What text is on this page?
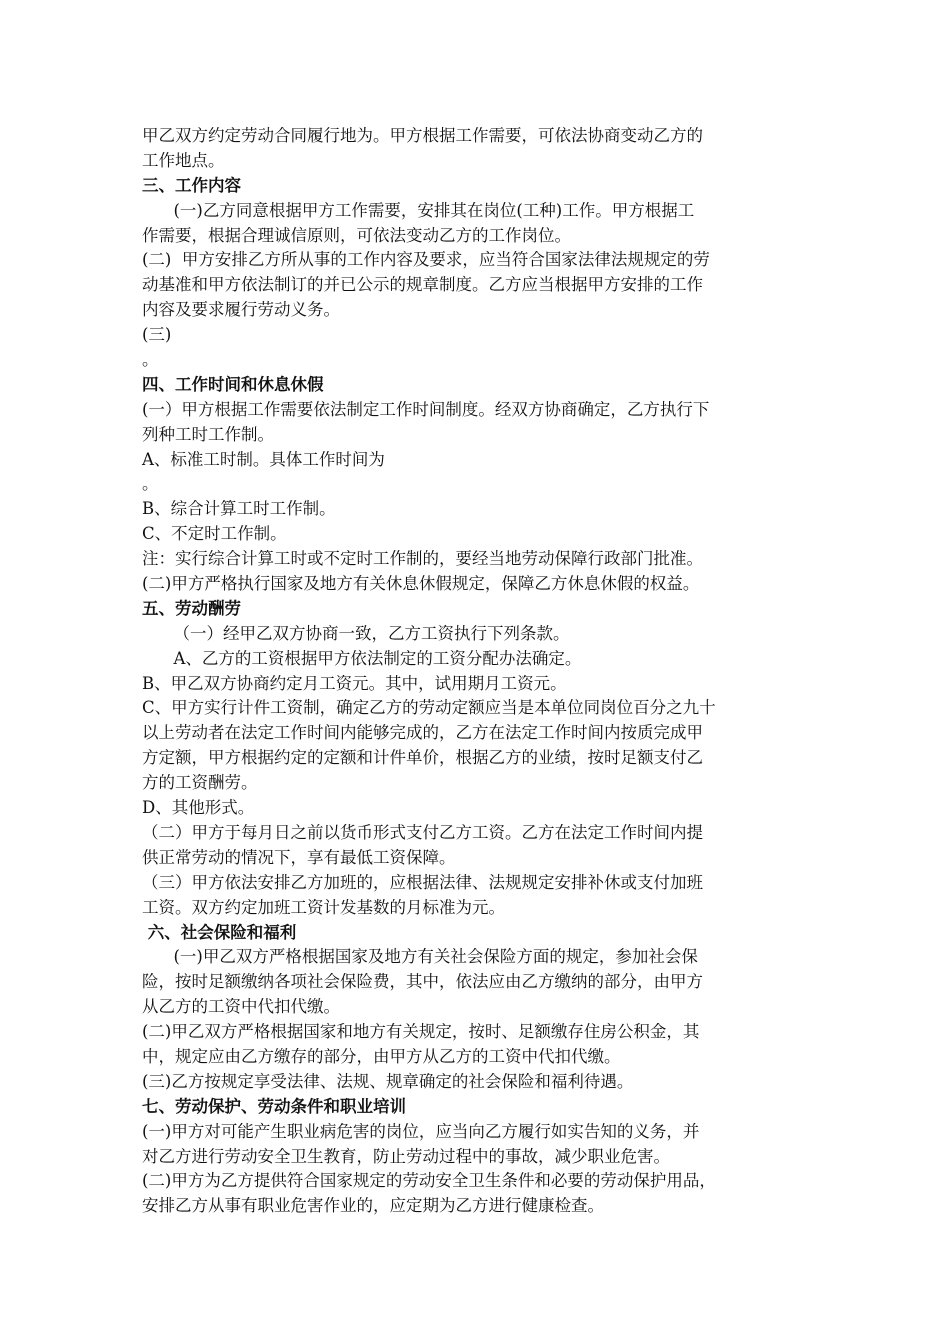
甲乙双方约定劳动合同履行地为。甲方根据工作需要，可依法协商变动乙方的
工作地点。
三、工作内容
(一)乙方同意根据甲方工作需要，安排其在岗位(工种)工作。甲方根据工
作需要，根据合理诚信原则，可依法变动乙方的工作岗位。
(二)  甲方安排乙方所从事的工作内容及要求，应当符合国家法律法规规定的劳
动基准和甲方依法制订的并已公示的规章制度。乙方应当根据甲方安排的工作
内容及要求履行劳动义务。
(三)
。
四、工作时间和休息休假
(一）甲方根据工作需要依法制定工作时间制度。经双方协商确定，乙方执行下
列种工时工作制。
A、标准工时制。具体工作时间为
。
B、综合计算工时工作制。
C、不定时工作制。
注：实行综合计算工时或不定时工作制的，要经当地劳动保障行政部门批准。
(二)甲方严格执行国家及地方有关休息休假规定，保障乙方休息休假的权益。
五、劳动酬劳
（一）经甲乙双方协商一致，乙方工资执行下列条款。
A、乙方的工资根据甲方依法制定的工资分配办法确定。
B、甲乙双方协商约定月工资元。其中，试用期月工资元。
C、甲方实行计件工资制，确定乙方的劳动定额应当是本单位同岗位百分之九十
以上劳动者在法定工作时间内能够完成的，乙方在法定工作时间内按质完成甲
方定额，甲方根据约定的定额和计件单价，根据乙方的业绩，按时足额支付乙
方的工资酬劳。
D、其他形式。
（二）甲方于每月日之前以货币形式支付乙方工资。乙方在法定工作时间内提
供正常劳动的情况下，享有最低工资保障。
（三）甲方依法安排乙方加班的，应根据法律、法规规定安排补休或支付加班
工资。双方约定加班工资计发基数的月标准为元。
六、社会保险和福利
(一)甲乙双方严格根据国家及地方有关社会保险方面的规定，参加社会保
险，按时足额缴纳各项社会保险费，其中，依法应由乙方缴纳的部分，由甲方
从乙方的工资中代扣代缴。
(二)甲乙双方严格根据国家和地方有关规定，按时、足额缴存住房公积金，其
中，规定应由乙方缴存的部分，由甲方从乙方的工资中代扣代缴。
(三)乙方按规定享受法律、法规、规章确定的社会保险和福利待遇。
七、劳动保护、劳动条件和职业培训
(一)甲方对可能产生职业病危害的岗位，应当向乙方履行如实告知的义务，并
对乙方进行劳动安全卫生教育，防止劳动过程中的事故，减少职业危害。
(二)甲方为乙方提供符合国家规定的劳动安全卫生条件和必要的劳动保护用品，
安排乙方从事有职业危害作业的，应定期为乙方进行健康检查。
